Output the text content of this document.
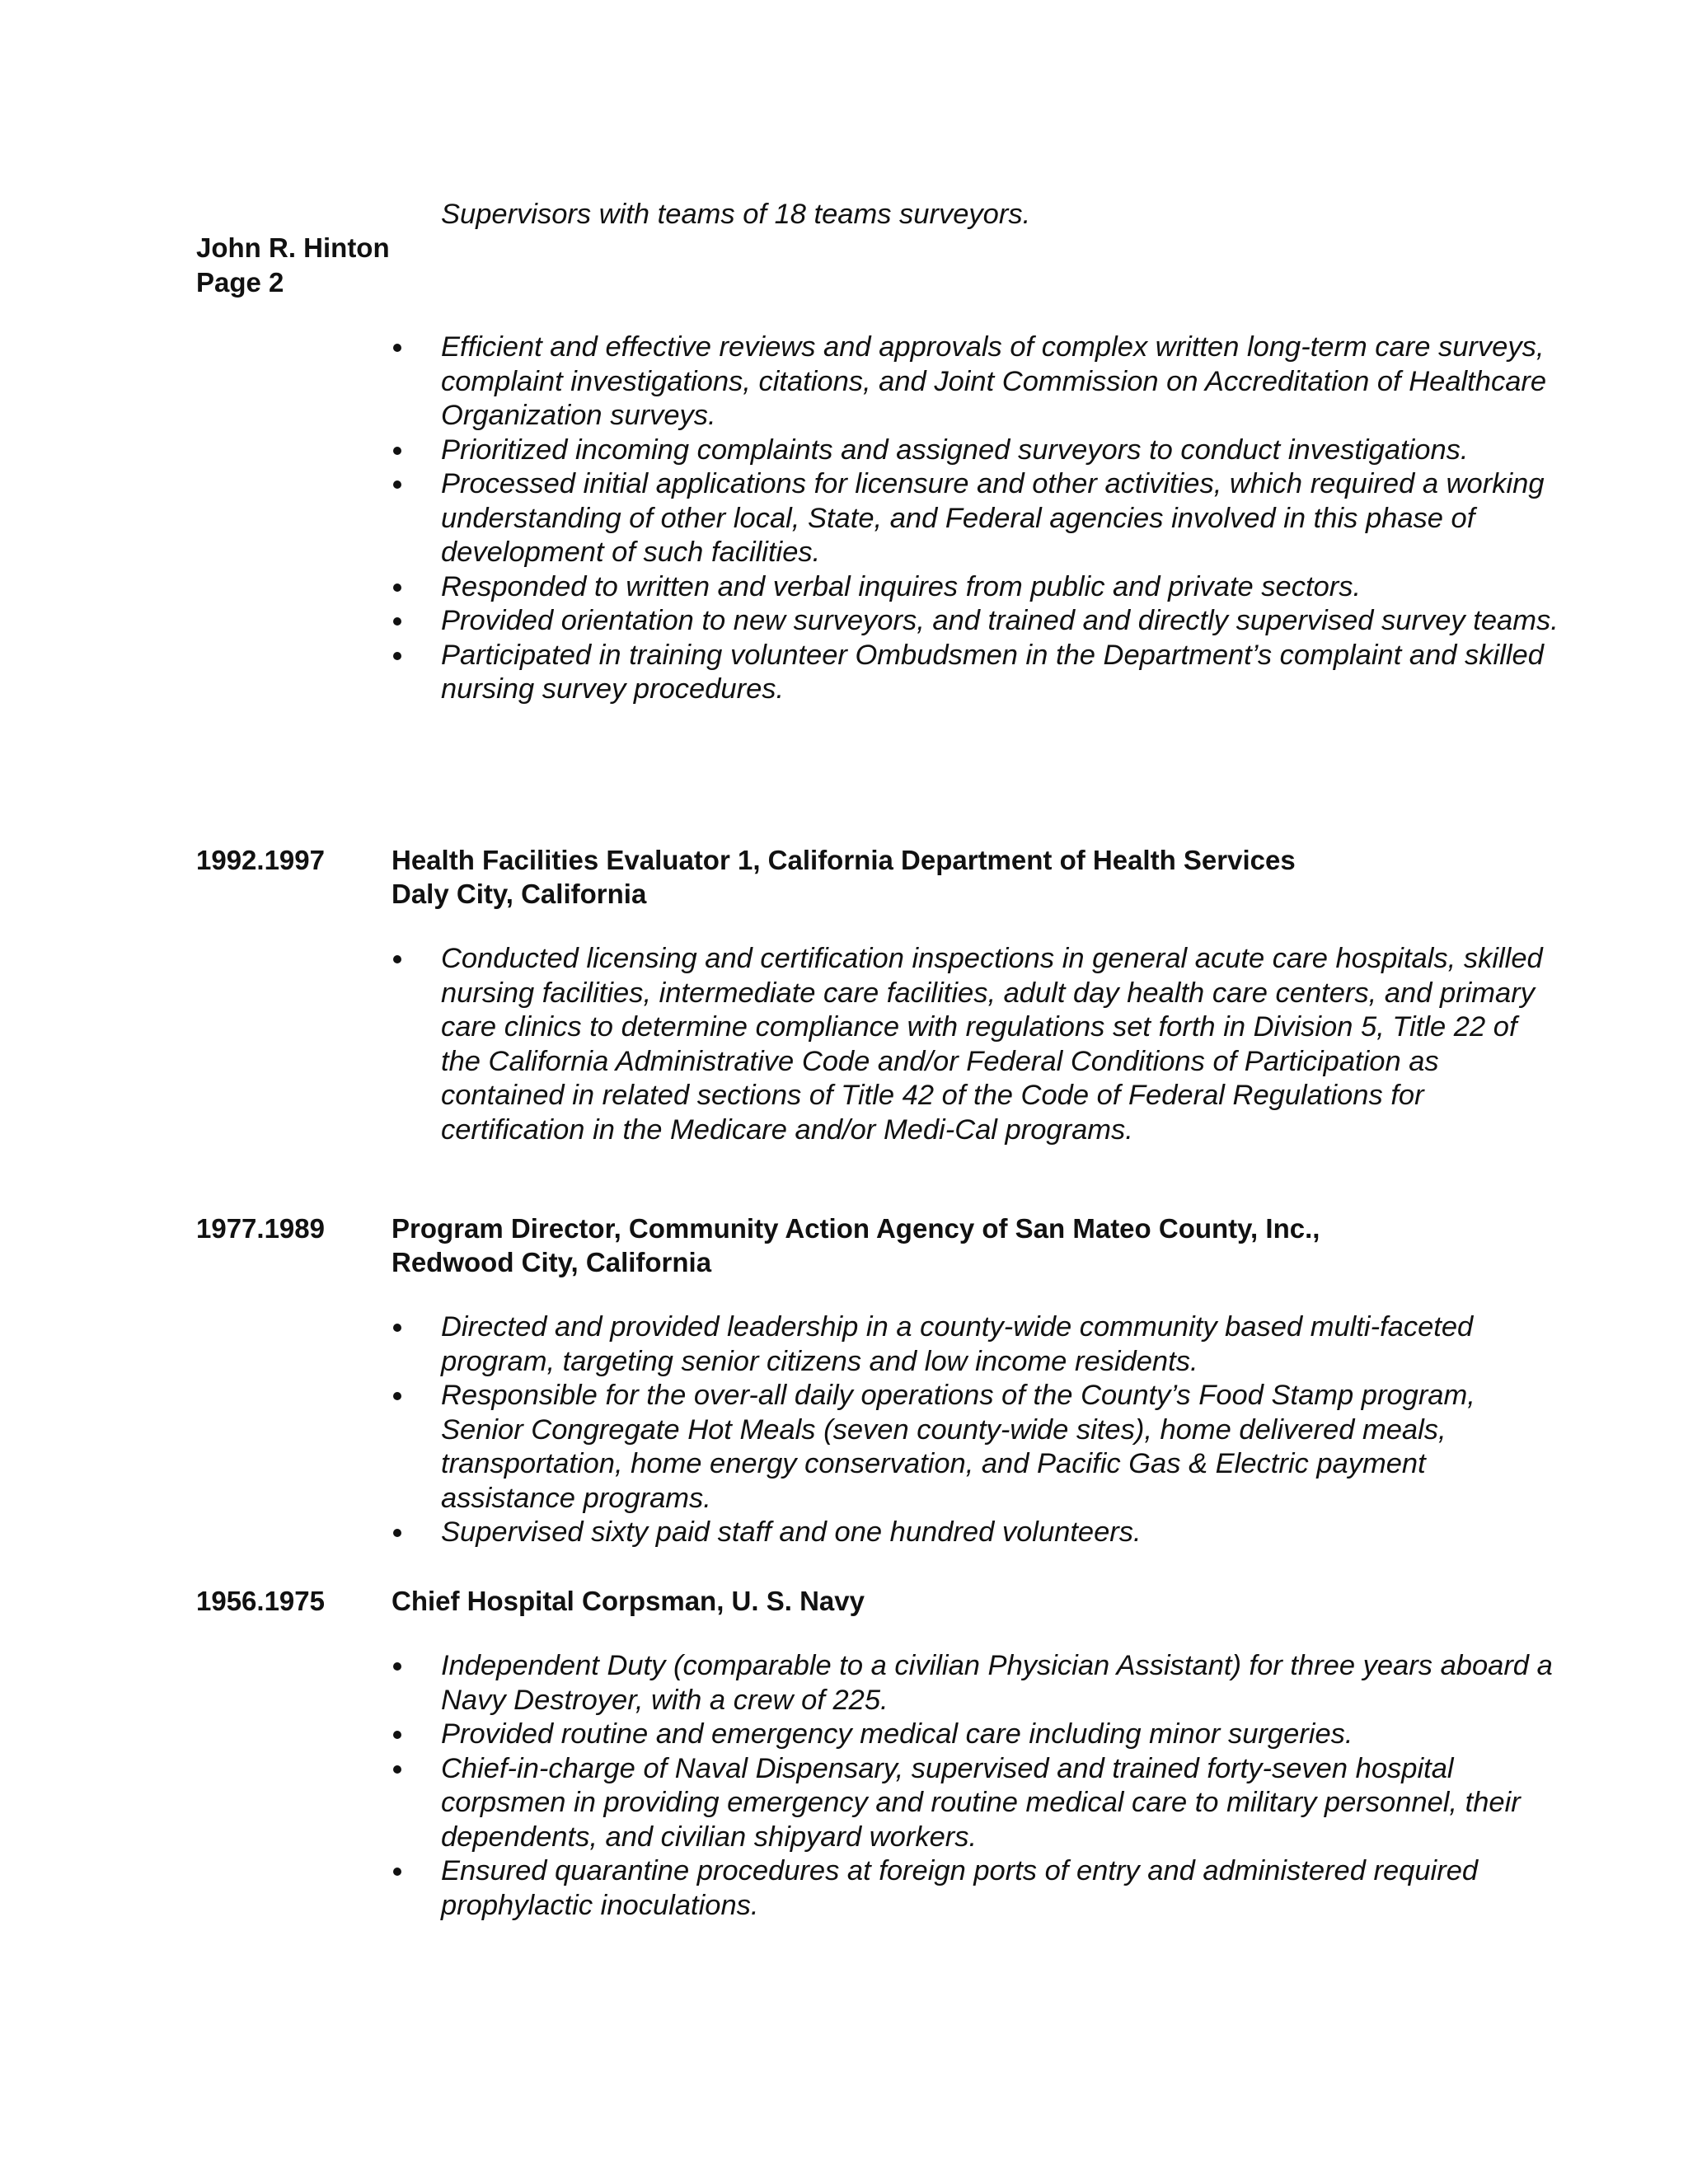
Supervisors with teams of 18 teams surveyors.

John R. Hinton

Page 2

Efficient and effective reviews and approvals of complex written long-term care surveys, complaint investigations, citations, and Joint Commission on Accreditation of Healthcare Organization surveys.
Prioritized incoming complaints and assigned surveyors to conduct investigations.
Processed initial applications for licensure and other activities, which required a working understanding of other local, State, and Federal agencies involved in this phase of development of such facilities.
Responded to written and verbal inquires from public and private sectors.
Provided orientation to new surveyors, and trained and directly supervised survey teams.
Participated in training volunteer Ombudsmen in the Department’s complaint and skilled nursing survey procedures.

1992.1997 Health Facilities Evaluator 1, California Department of Health Services

Daly City, California

Conducted licensing and certification inspections in general acute care hospitals, skilled nursing facilities, intermediate care facilities, adult day health care centers, and primary care clinics to determine compliance with regulations set forth in Division 5, Title 22 of the California Administrative Code and/or Federal Conditions of Participation as contained in related sections of Title 42 of the Code of Federal Regulations for certification in the Medicare and/or Medi-Cal programs.

1977.1989 Program Director, Community Action Agency of San Mateo County, Inc.,

Redwood City, California

Directed and provided leadership in a county-wide community based multi-faceted program, targeting senior citizens and low income residents.
Responsible for the over-all daily operations of the County’s Food Stamp program, Senior Congregate Hot Meals (seven county-wide sites), home delivered meals, transportation, home energy conservation, and Pacific Gas & Electric payment assistance programs.
Supervised sixty paid staff and one hundred volunteers.

1956.1975 Chief Hospital Corpsman, U. S. Navy

Independent Duty (comparable to a civilian Physician Assistant) for three years aboard a Navy Destroyer, with a crew of 225.
Provided routine and emergency medical care including minor surgeries.
Chief-in-charge of Naval Dispensary, supervised and trained forty-seven hospital corpsmen in providing emergency and routine medical care to military personnel, their dependents, and civilian shipyard workers.
Ensured quarantine procedures at foreign ports of entry and administered required prophylactic inoculations.
